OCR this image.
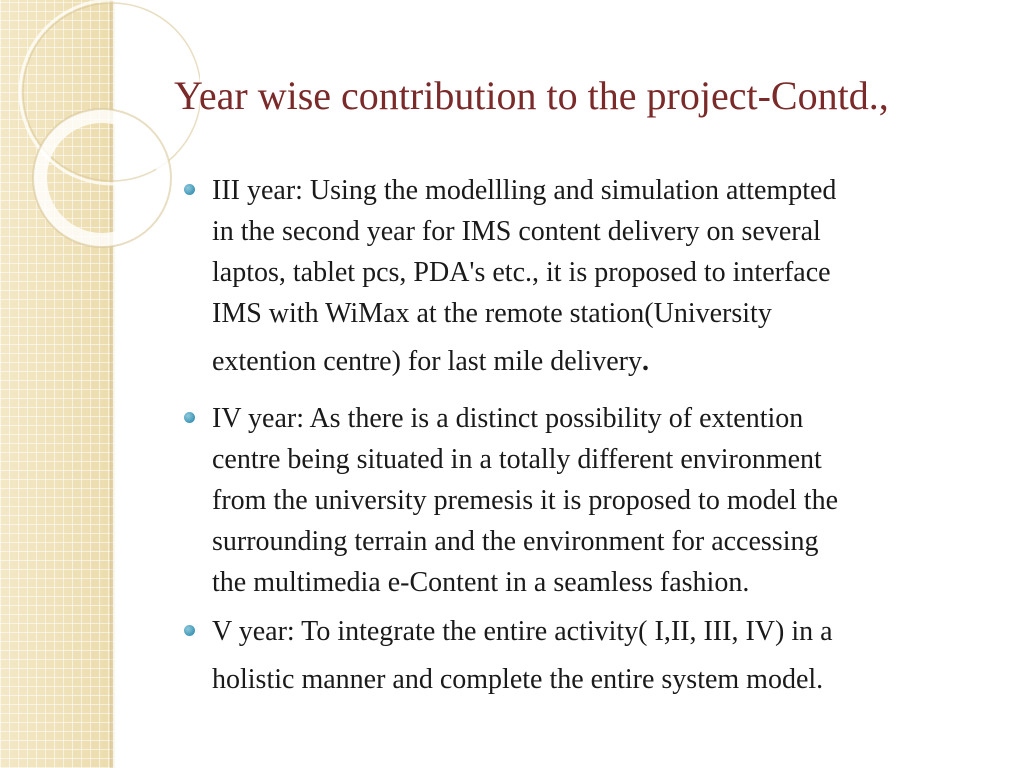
Year wise contribution to the project-Contd.,
III year: Using the modellling and simulation attempted
in the second year for IMS content delivery on several
laptos, tablet pcs, PDA's etc., it is proposed to interface
IMS with WiMax at the remote station(University
extention centre) for last mile delivery.
IV year: As there is a distinct possibility of extention
centre being situated in a totally different environment
from the university premesis it is proposed to model the
surrounding terrain and the environment for accessing
the multimedia e-Content in a seamless fashion.
V year: To integrate the entire activity( I,II, III, IV) in a
holistic manner and complete the entire system model.
